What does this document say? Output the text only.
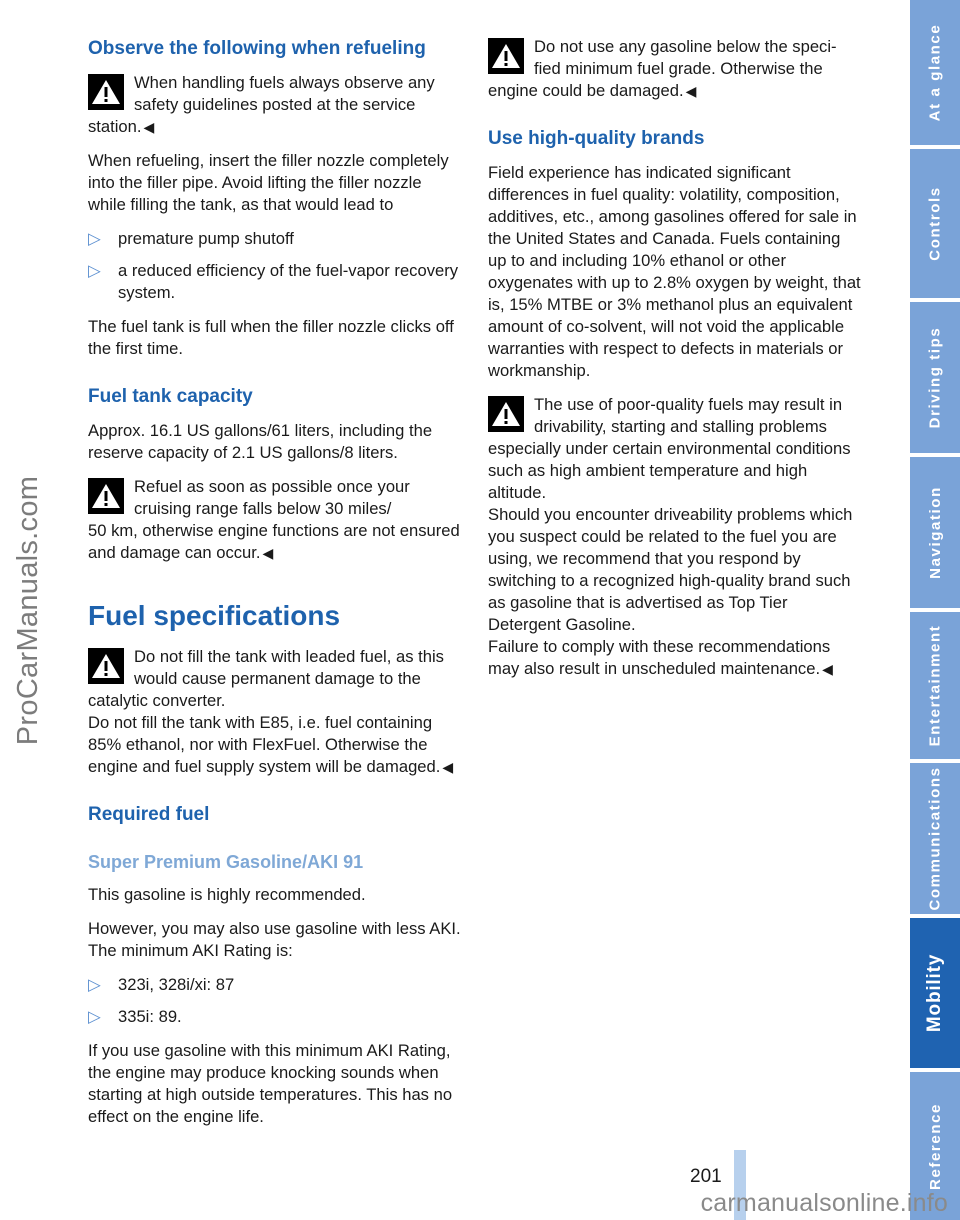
ProCarManuals.com
Observe the following when refueling
When handling fuels always observe any
safety guidelines posted at the service
station. ◀

When refueling, insert the filler nozzle completely into the filler pipe. Avoid lifting the filler nozzle while filling the tank, as that would lead to

▷ premature pump shutoff
▷ a reduced efficiency of the fuel-vapor recovery system.

The fuel tank is full when the filler nozzle clicks off the first time.

Fuel tank capacity

Approx. 16.1 US gallons/61 liters, including the reserve capacity of 2.1 US gallons/8 liters.

Refuel as soon as possible once your
cruising range falls below 30 miles/
50 km, otherwise engine functions are not ensured and damage can occur. ◀
Fuel specifications
Do not fill the tank with leaded fuel, as this
would cause permanent damage to the
catalytic converter.
Do not fill the tank with E85, i.e. fuel containing 85% ethanol, nor with FlexFuel. Otherwise the engine and fuel supply system will be damaged. ◀
Required fuel
Super Premium Gasoline/AKI 91

This gasoline is highly recommended.

However, you may also use gasoline with less AKI. The minimum AKI Rating is:

▷ 323i, 328i/xi: 87
▷ 335i: 89.

If you use gasoline with this minimum AKI Rating, the engine may produce knocking sounds when starting at high outside temperatures. This has no effect on the engine life.

Do not use any gasoline below the speci-
fied minimum fuel grade. Otherwise the
engine could be damaged. ◀
Use high-quality brands

Field experience has indicated significant differences in fuel quality: volatility, composition, additives, etc., among gasolines offered for sale in the United States and Canada. Fuels containing up to and including 10% ethanol or other oxygenates with up to 2.8% oxygen by weight, that is, 15% MTBE or 3% methanol plus an equivalent amount of co-solvent, will not void the applicable warranties with respect to defects in materials or workmanship.

The use of poor-quality fuels may result in
drivability, starting and stalling problems
especially under certain environmental conditions such as high ambient temperature and high altitude.
Should you encounter driveability problems which you suspect could be related to the fuel you are using, we recommend that you respond by switching to a recognized high-quality brand such as gasoline that is advertised as Top Tier Detergent Gasoline.
Failure to comply with these recommendations may also result in unscheduled maintenance. ◀
At a glance
Controls
Driving tips
Navigation
Entertainment
Communications
Mobility
Reference
201
carmanualsonline.info
